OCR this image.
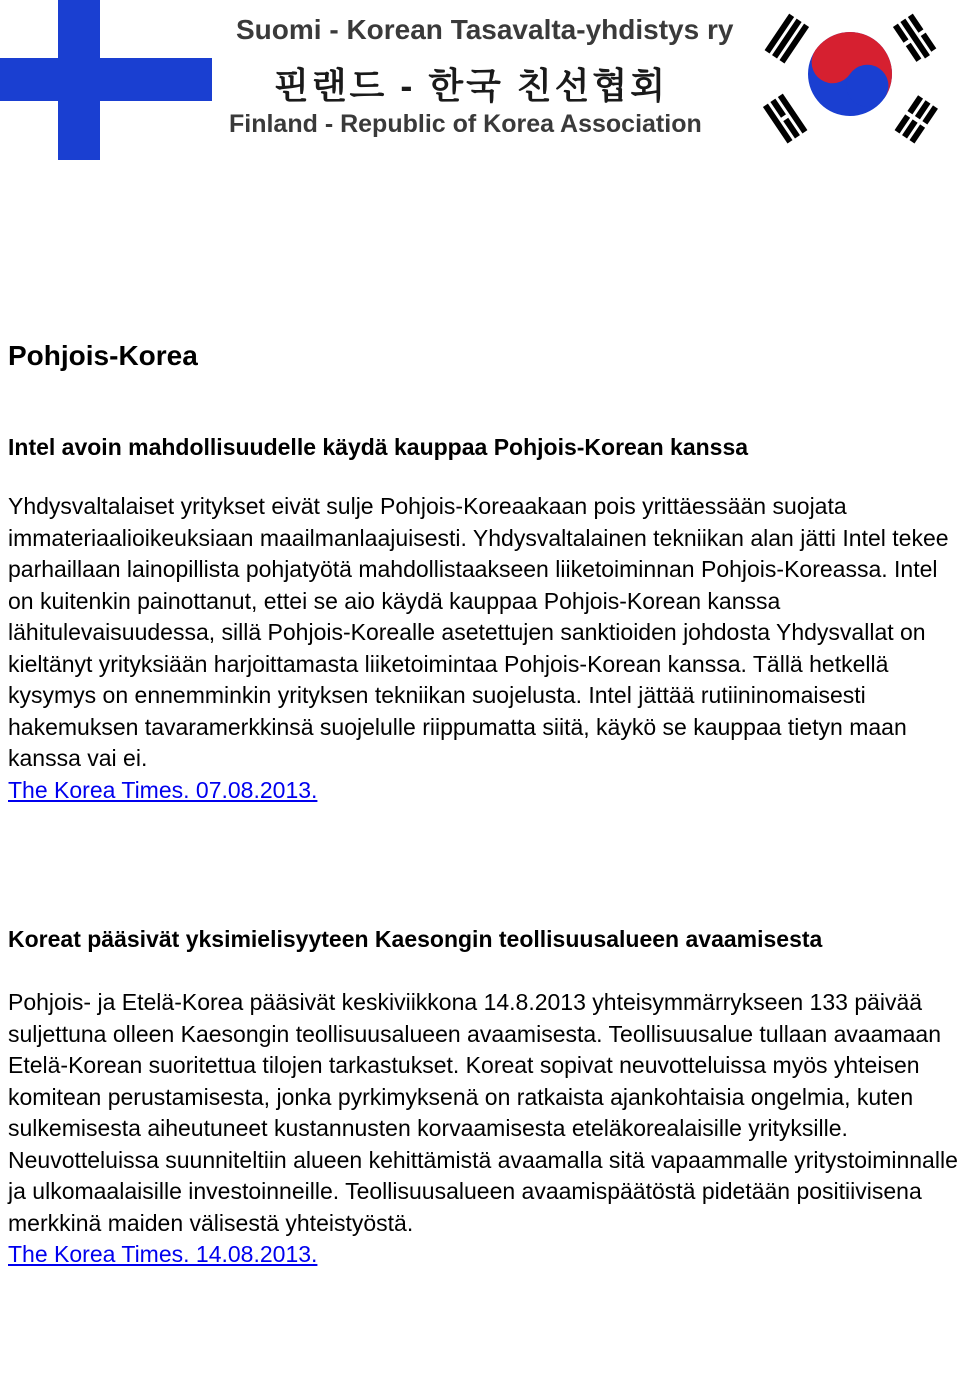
Suomi - Korean Tasavalta-yhdistys ry
핀랜드 - 한국 친선협회
Finland - Republic of Korea Association
Pohjois-Korea
Intel avoin mahdollisuudelle käydä kauppaa Pohjois-Korean kanssa

Yhdysvaltalaiset yritykset eivät sulje Pohjois-Koreaakaan pois yrittäessään suojata immateriaalioikeuksiaan maailmanlaajuisesti. Yhdysvaltalainen tekniikan alan jätti Intel tekee parhaillaan lainopillista pohjatyötä mahdollistaakseen liiketoiminnan Pohjois-Koreassa. Intel on kuitenkin painottanut, ettei se aio käydä kauppaa Pohjois-Korean kanssa lähitulevaisuudessa, sillä Pohjois-Korealle asetettujen sanktioiden johdosta Yhdysvallat on kieltänyt yrityksiään harjoittamasta liiketoimintaa Pohjois-Korean kanssa. Tällä hetkellä kysymys on ennemminkin yrityksen tekniikan suojelusta. Intel jättää rutiininomaisesti hakemuksen tavaramerkkinsä suojelulle riippumatta siitä, käykö se kauppaa tietyn maan kanssa vai ei.
The Korea Times. 07.08.2013.

Koreat pääsivät yksimielisyyteen Kaesongin teollisuusalueen avaamisesta

Pohjois- ja Etelä-Korea pääsivät keskiviikkona 14.8.2013 yhteisymmärrykseen 133 päivää suljettuna olleen Kaesongin teollisuusalueen avaamisesta. Teollisuusalue tullaan avaamaan Etelä-Korean suoritettua tilojen tarkastukset. Koreat sopivat neuvotteluissa myös yhteisen komitean perustamisesta, jonka pyrkimyksenä on ratkaista ajankohtaisia ongelmia, kuten sulkemisesta aiheutuneet kustannusten korvaamisesta eteläkorealaisille yrityksille. Neuvotteluissa suunniteltiin alueen kehittämistä avaamalla sitä vapaammalle yritystoiminnalle ja ulkomaalaisille investoinneille. Teollisuusalueen avaamispäätöstä pidetään positiivisena merkkinä maiden välisestä yhteistyöstä.
The Korea Times. 14.08.2013.
